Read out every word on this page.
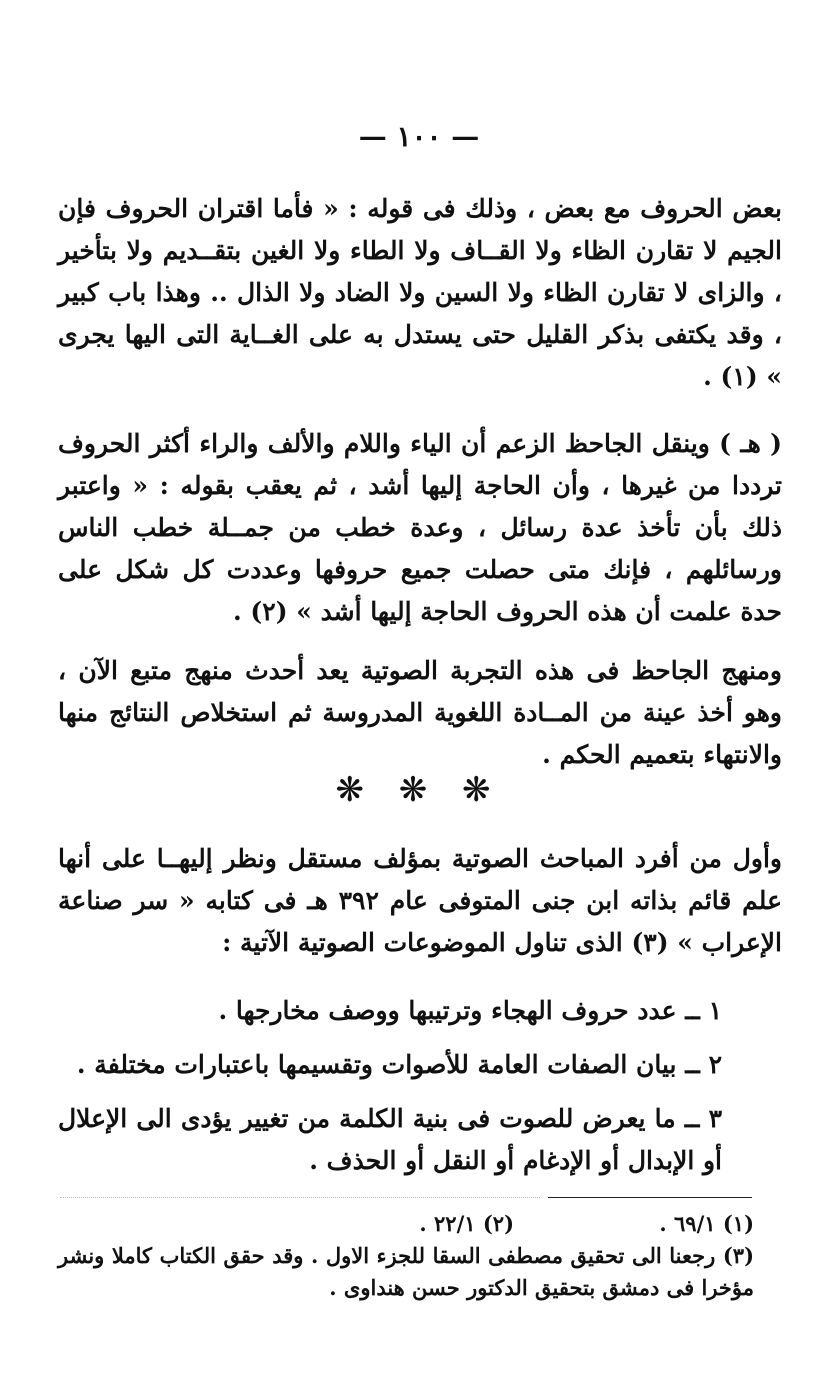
— ١٠٠ —

بعض الحروف مع بعض ، وذلك فى قوله : « فأما اقتران الحروف فإن الجيم لا تقارن الظاء ولا القــاف ولا الطاء ولا الغين بتقــديم ولا بتأخير ، والزاى لا تقارن الظاء ولا السين ولا الضاد ولا الذال .. وهذا باب كبير ، وقد يكتفى بذكر القليل حتى يستدل به على الغــاية التى اليها يجرى » (١) .

( هـ ) وينقل الجاحظ الزعم أن الياء واللام والألف والراء أكثر الحروف ترددا من غيرها ، وأن الحاجة إليها أشد ، ثم يعقب بقوله : « واعتبر ذلك بأن تأخذ عدة رسائل ، وعدة خطب من جمــلة خطب الناس ورسائلهم ، فإنك متى حصلت جميع حروفها وعددت كل شكل على حدة علمت أن هذه الحروف الحاجة إليها أشد » (٢) .

ومنهج الجاحظ فى هذه التجربة الصوتية يعد أحدث منهج متبع الآن ، وهو أخذ عينة من المــادة اللغوية المدروسة ثم استخلاص النتائج منها والانتهاء بتعميم الحكم .

❋ ❋ ❋

وأول من أفرد المباحث الصوتية بمؤلف مستقل ونظر إليهــا على أنها علم قائم بذاته ابن جنى المتوفى عام ٣٩٢ هـ فى كتابه « سر صناعة الإعراب » (٣) الذى تناول الموضوعات الصوتية الآتية :

١ ــ عدد حروف الهجاء وترتيبها ووصف مخارجها .
٢ ــ بيان الصفات العامة للأصوات وتقسيمها باعتبارات مختلفة .
٣ ــ ما يعرض للصوت فى بنية الكلمة من تغيير يؤدى الى الإعلال أو الإبدال أو الإدغام أو النقل أو الحذف .
(١) ٦٩/١ .
(٢) ٢٢/١ .
(٣) رجعنا الى تحقيق مصطفى السقا للجزء الاول . وقد حقق الكتاب كاملا ونشر مؤخرا فى دمشق بتحقيق الدكتور حسن هنداوى .
